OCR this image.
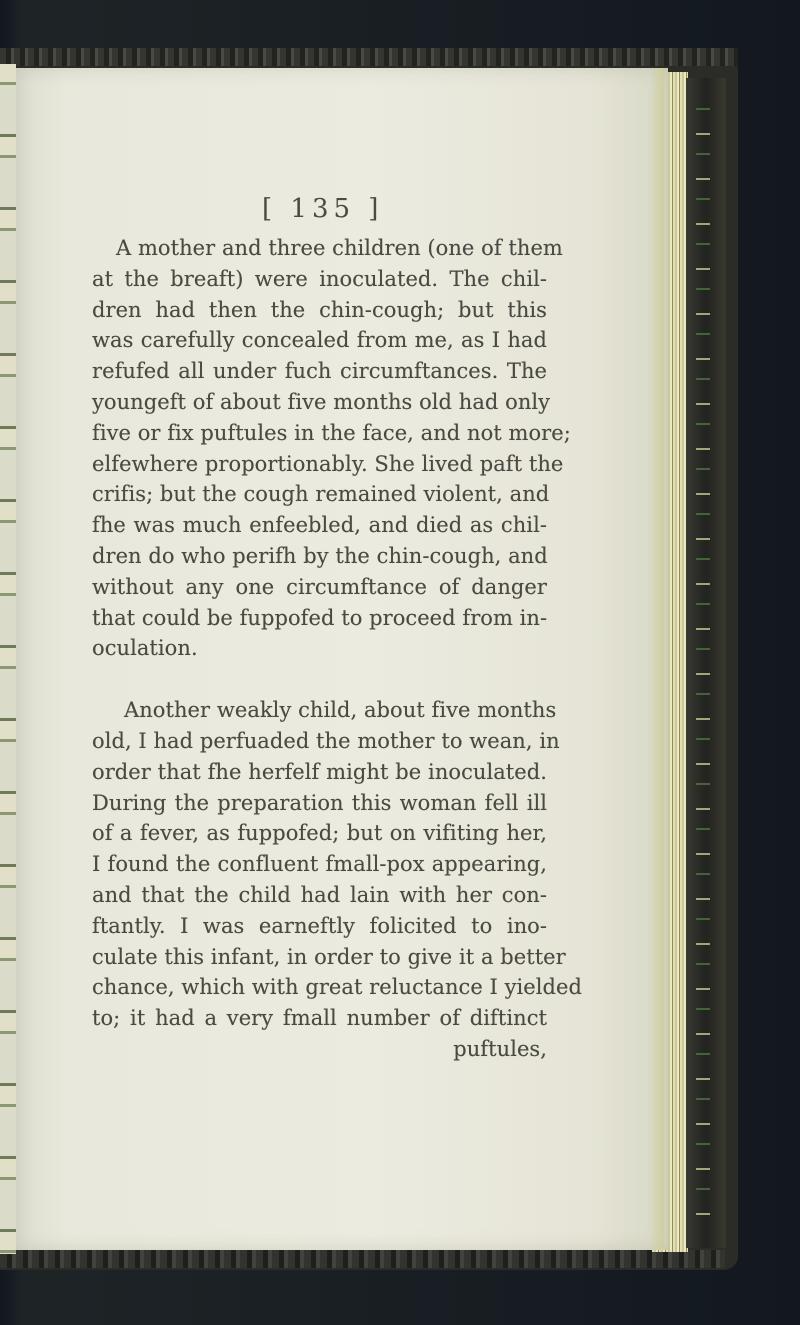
[ 135 ]

A mother and three children (one of them
at the breaft) were inoculated. The chil-
dren had then the chin-cough; but this
was carefully concealed from me, as I had
refufed all under fuch circumftances. The
youngeft of about five months old had only
five or fix puftules in the face, and not more;
elfewhere proportionably. She lived paft the
crifis; but the cough remained violent, and
fhe was much enfeebled, and died as chil-
dren do who perifh by the chin-cough, and
without any one circumftance of danger
that could be fuppofed to proceed from in-
oculation.
Another weakly child, about five months
old, I had perfuaded the mother to wean, in
order that fhe herfelf might be inoculated.
During the preparation this woman fell ill
of a fever, as fuppofed; but on vifiting her,
I found the confluent fmall-pox appearing,
and that the child had lain with her con-
ftantly. I was earneftly folicited to ino-
culate this infant, in order to give it a better
chance, which with great reluctance I yielded
to; it had a very fmall number of diftinct
puftules,
